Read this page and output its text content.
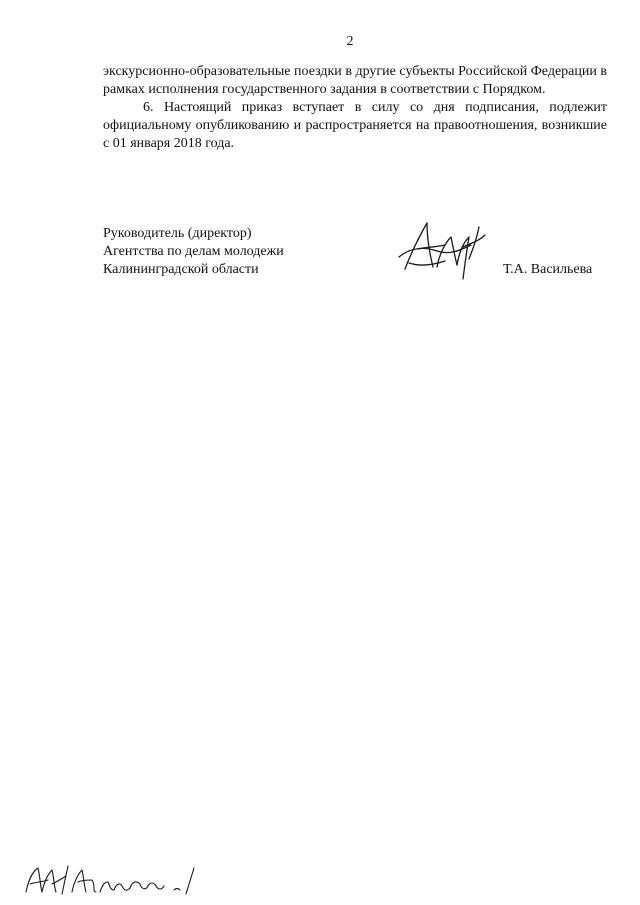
2

экскурсионно-образовательные поездки в другие субъекты Российской Федерации в рамках исполнения государственного задания в соответствии с Порядком.

6. Настоящий приказ вступает в силу со дня подписания, подлежит официальному опубликованию и распространяется на правоотношения, возникшие с 01 января 2018 года.

Руководитель (директор)
Агентства по делам молодежи
Калининградской области	Т.А. Васильева
